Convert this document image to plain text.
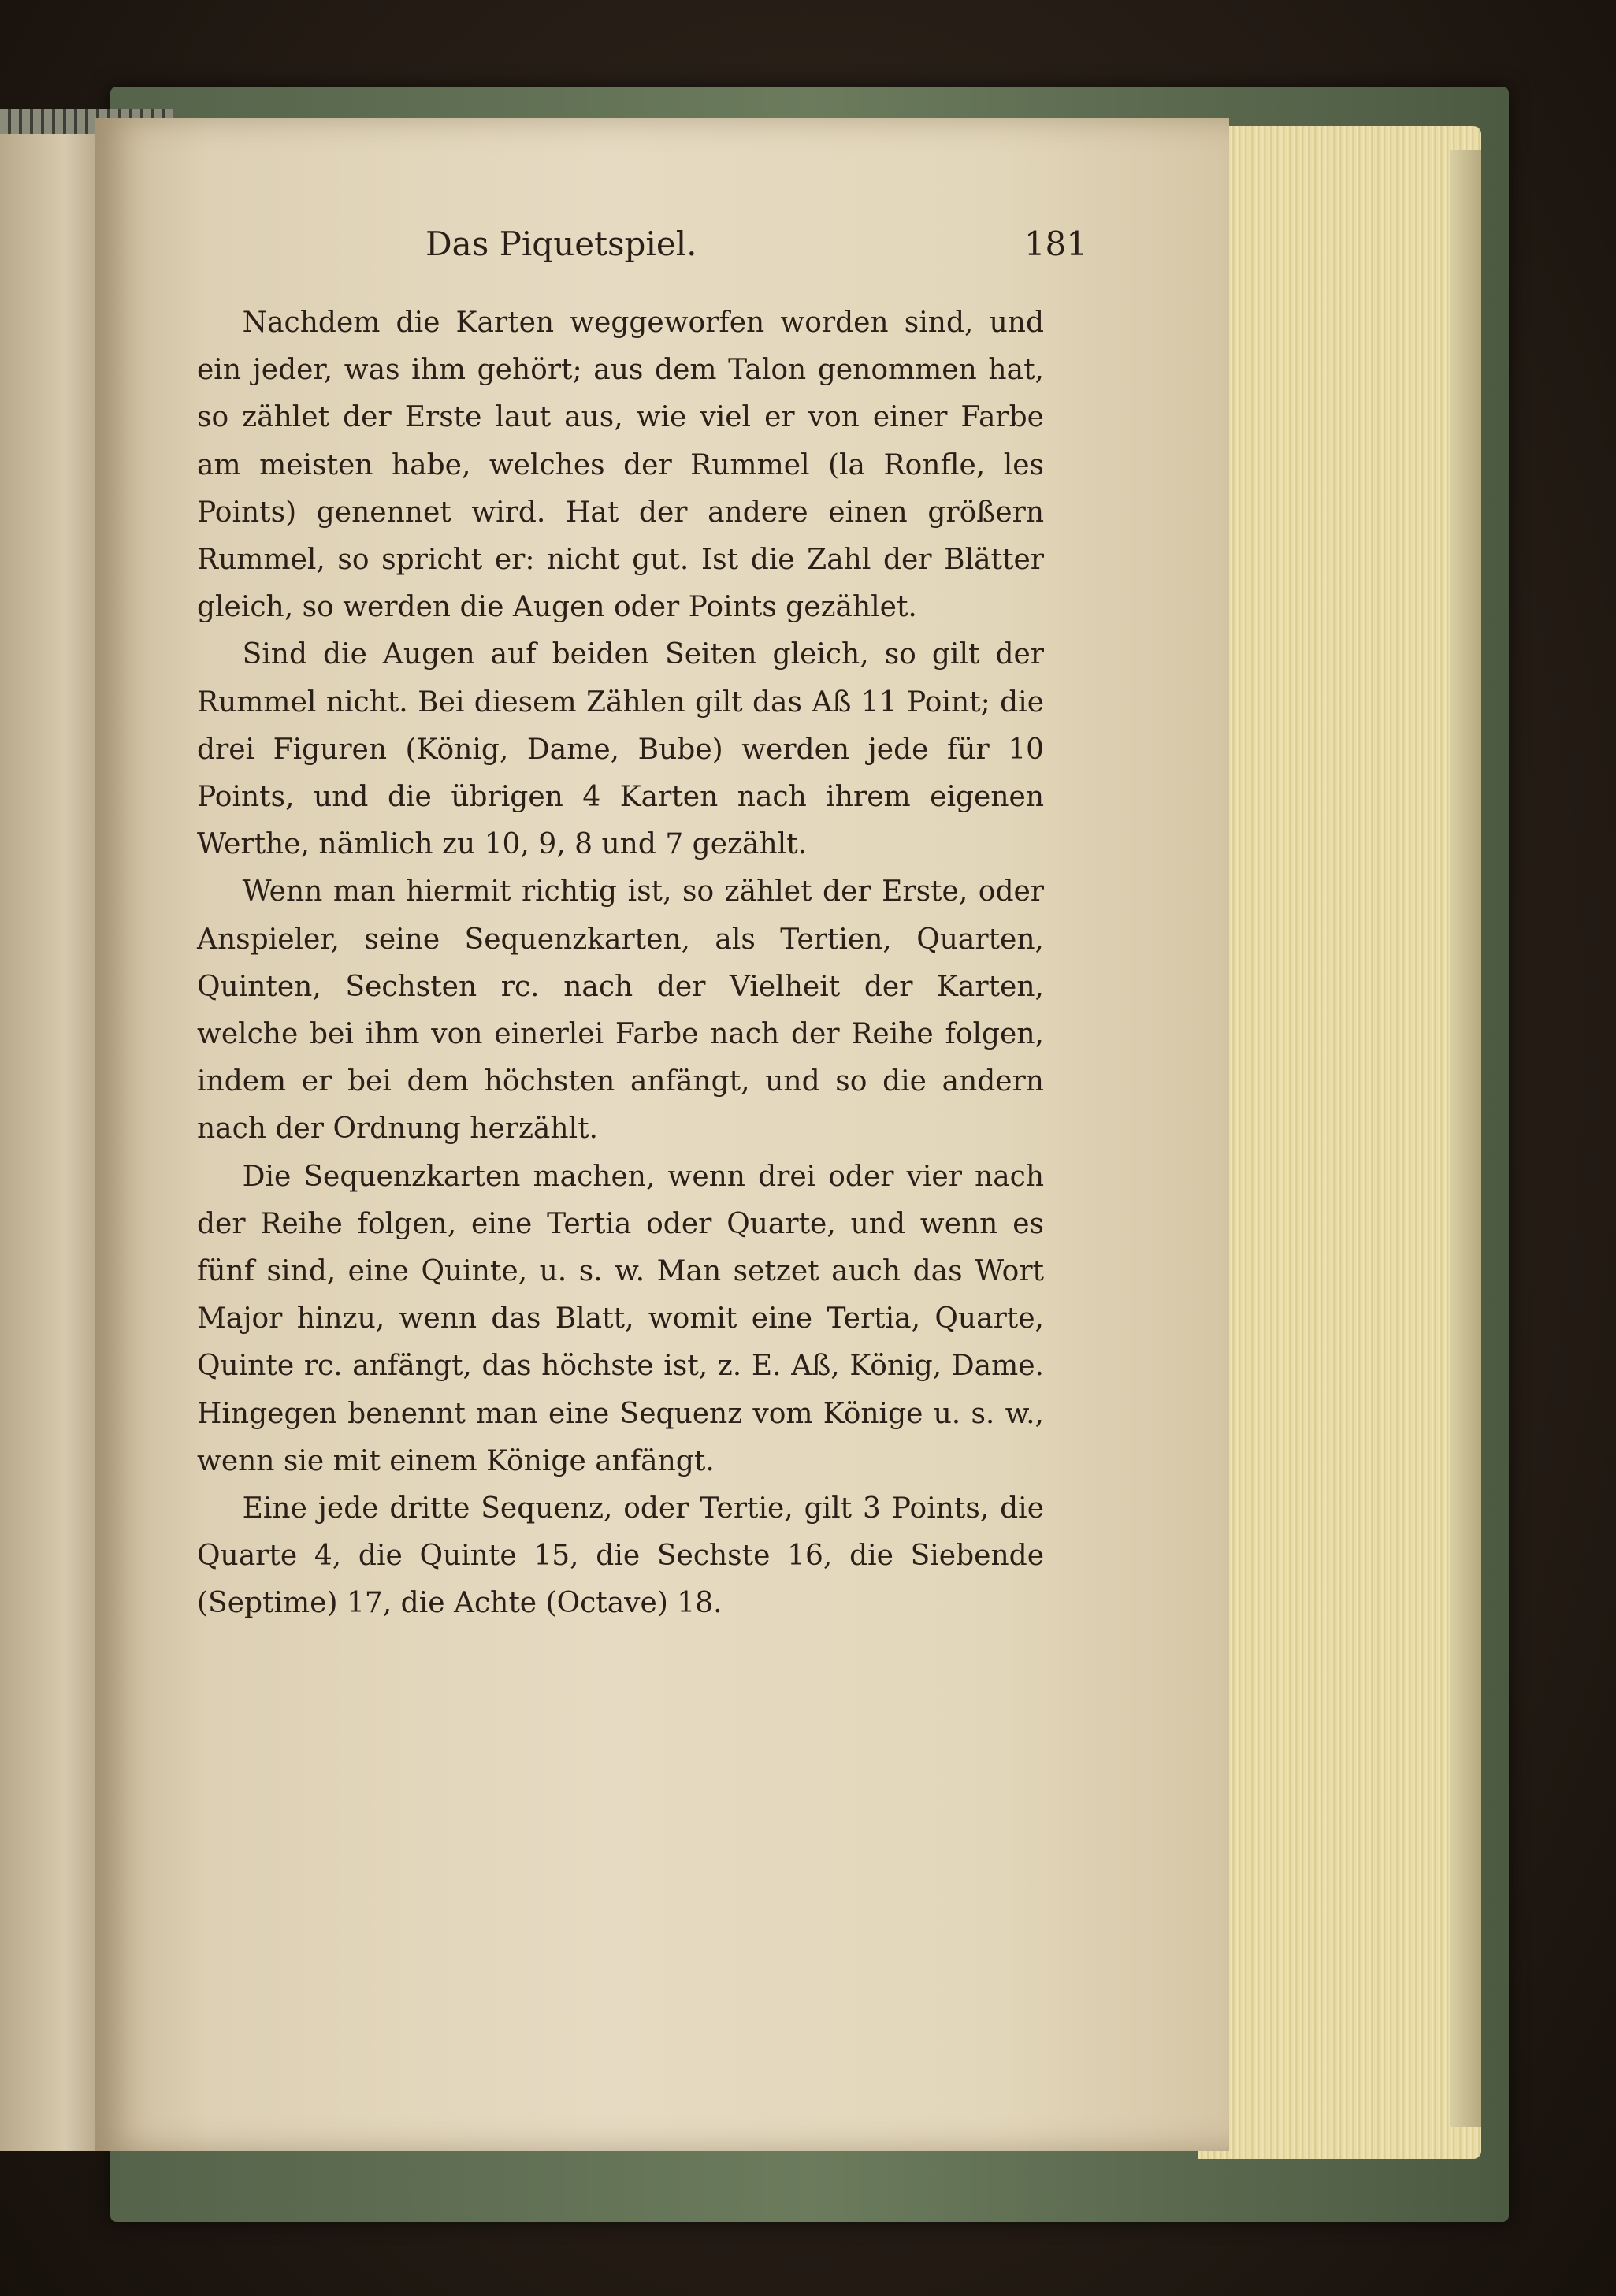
Das Piquetspiel.	181

Nachdem die Karten weggeworfen worden sind, und ein jeder, was ihm gehört; aus dem Talon genommen hat, so zählet der Erste laut aus, wie viel er von einer Farbe am meisten habe, welches der Rummel (la Ronfle, les Points) genennet wird. Hat der andere einen größern Rummel, so spricht er: nicht gut. Ist die Zahl der Blätter gleich, so werden die Augen oder Points gezählet.

Sind die Augen auf beiden Seiten gleich, so gilt der Rummel nicht. Bei diesem Zählen gilt das Aß 11 Point; die drei Figuren (König, Dame, Bube) werden jede für 10 Points, und die übrigen 4 Karten nach ihrem eigenen Werthe, nämlich zu 10, 9, 8 und 7 gezählt.

Wenn man hiermit richtig ist, so zählet der Erste, oder Anspieler, seine Sequenzkarten, als Tertien, Quarten, Quinten, Sechsten rc. nach der Vielheit der Karten, welche bei ihm von einerlei Farbe nach der Reihe folgen, indem er bei dem höchsten anfängt, und so die andern nach der Ordnung herzählt.

Die Sequenzkarten machen, wenn drei oder vier nach der Reihe folgen, eine Tertia oder Quarte, und wenn es fünf sind, eine Quinte, u. s. w. Man setzet auch das Wort Major hinzu, wenn das Blatt, womit eine Tertia, Quarte, Quinte rc. anfängt, das höchste ist, z. E. Aß, König, Dame. Hingegen benennt man eine Sequenz vom Könige u. s. w., wenn sie mit einem Könige anfängt.

Eine jede dritte Sequenz, oder Tertie, gilt 3 Points, die Quarte 4, die Quinte 15, die Sechste 16, die Siebende (Septime) 17, die Achte (Octave) 18.
